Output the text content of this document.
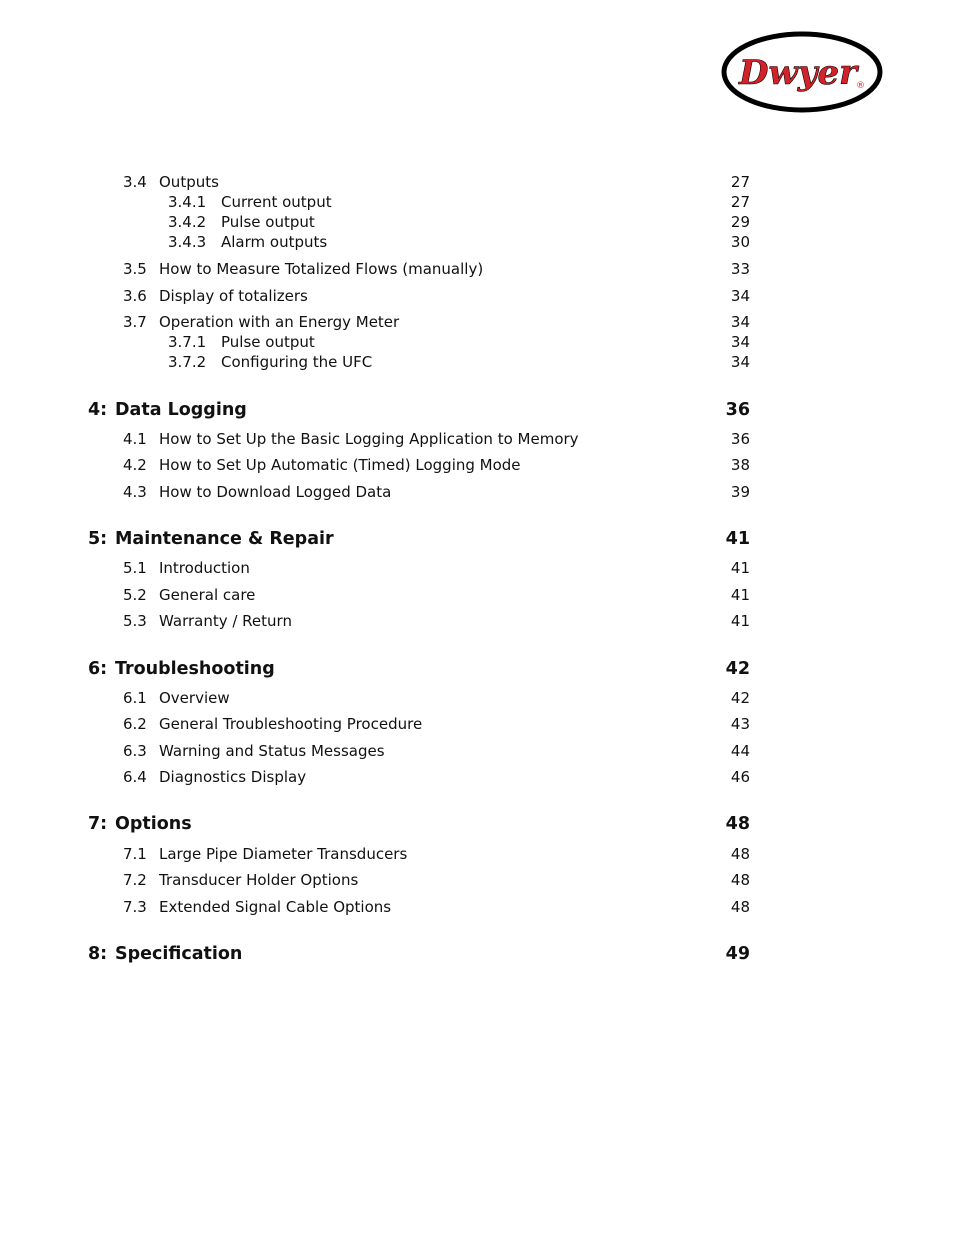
Dwyer
®
3.4 Outputs	27
3.4.1 Current output	27
3.4.2 Pulse output	29
3.4.3 Alarm outputs	30
3.5 How to Measure Totalized Flows (manually)	33
3.6 Display of totalizers	34
3.7 Operation with an Energy Meter	34
3.7.1 Pulse output	34
3.7.2 Configuring the UFC	34
4: Data Logging	36
4.1 How to Set Up the Basic Logging Application to Memory	36
4.2 How to Set Up Automatic (Timed) Logging Mode	38
4.3 How to Download Logged Data	39
5: Maintenance & Repair	41
5.1 Introduction	41
5.2 General care	41
5.3 Warranty / Return	41
6: Troubleshooting	42
6.1 Overview	42
6.2 General Troubleshooting Procedure	43
6.3 Warning and Status Messages	44
6.4 Diagnostics Display	46
7: Options	48
7.1 Large Pipe Diameter Transducers	48
7.2 Transducer Holder Options	48
7.3 Extended Signal Cable Options	48
8: Specification	49
